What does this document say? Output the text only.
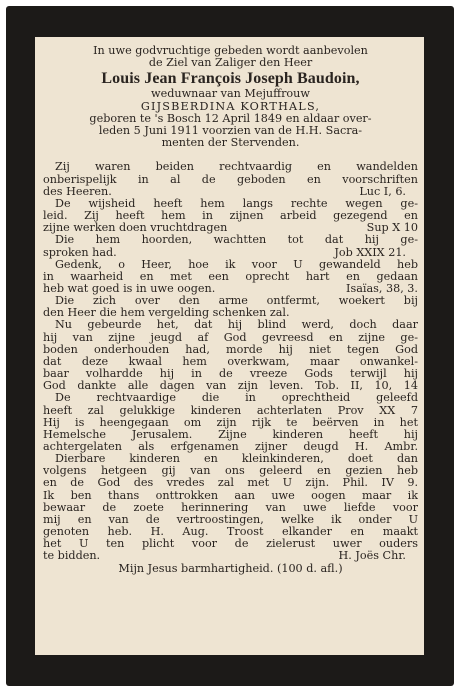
In uwe godvruchtige gebeden wordt aanbevolen
de Ziel van Zaliger den Heer
Louis Jean François Joseph Baudoin,
weduwnaar van Mejuffrouw
GIJSBERDINA KORTHALS,
geboren te 's Bosch 12 April 1849 en aldaar over-
leden 5 Juni 1911 voorzien van de H.H. Sacra-
menten der Stervenden.
Zij waren beiden rechtvaardig en wandelden
onberispelijk in al de geboden en voorschriften
des Heeren.	Luc I, 6.
De wijsheid heeft hem langs rechte wegen ge-
leid. Zij heeft hem in zijnen arbeid gezegend en
zijne werken doen vruchtdragen	Sup X 10
Die hem hoorden, wachtten tot dat hij ge-
sproken had.	Job XXIX 21.
Gedenk, o Heer, hoe ik voor U gewandeld heb
in waarheid en met een oprecht hart en gedaan
heb wat goed is in uwe oogen.	Isaïas, 38, 3.
Die zich over den arme ontfermt, woekert bij
den Heer die hem vergelding schenken zal.
Nu gebeurde het, dat hij blind werd, doch daar
hij van zijne jeugd af God gevreesd en zijne ge-
boden onderhouden had, morde hij niet tegen God
dat deze kwaal hem overkwam, maar onwankel-
baar volhardde hij in de vreeze Gods terwijl hij
God dankte alle dagen van zijn leven. Tob. II, 10, 14
De rechtvaardige die in oprechtheid geleefd
heeft zal gelukkige kinderen achterlaten Prov XX 7
Hij is heengegaan om zijn rijk te beërven in het
Hemelsche Jerusalem. Zijne kinderen heeft hij
achtergelaten als erfgenamen zijner deugd H. Ambr.
Dierbare kinderen en kleinkinderen, doet dan
volgens hetgeen gij van ons geleerd en gezien heb
en de God des vredes zal met U zijn. Phil. IV 9.
Ik ben thans onttrokken aan uwe oogen maar ik
bewaar de zoete herinnering van uwe liefde voor
mij en van de vertroostingen, welke ik onder U
genoten heb. H. Aug. Troost elkander en maakt
het U ten plicht voor de zielerust uwer ouders
te bidden.	H. Joës Chr.
Mijn Jesus barmhartigheid. (100 d. afl.)
